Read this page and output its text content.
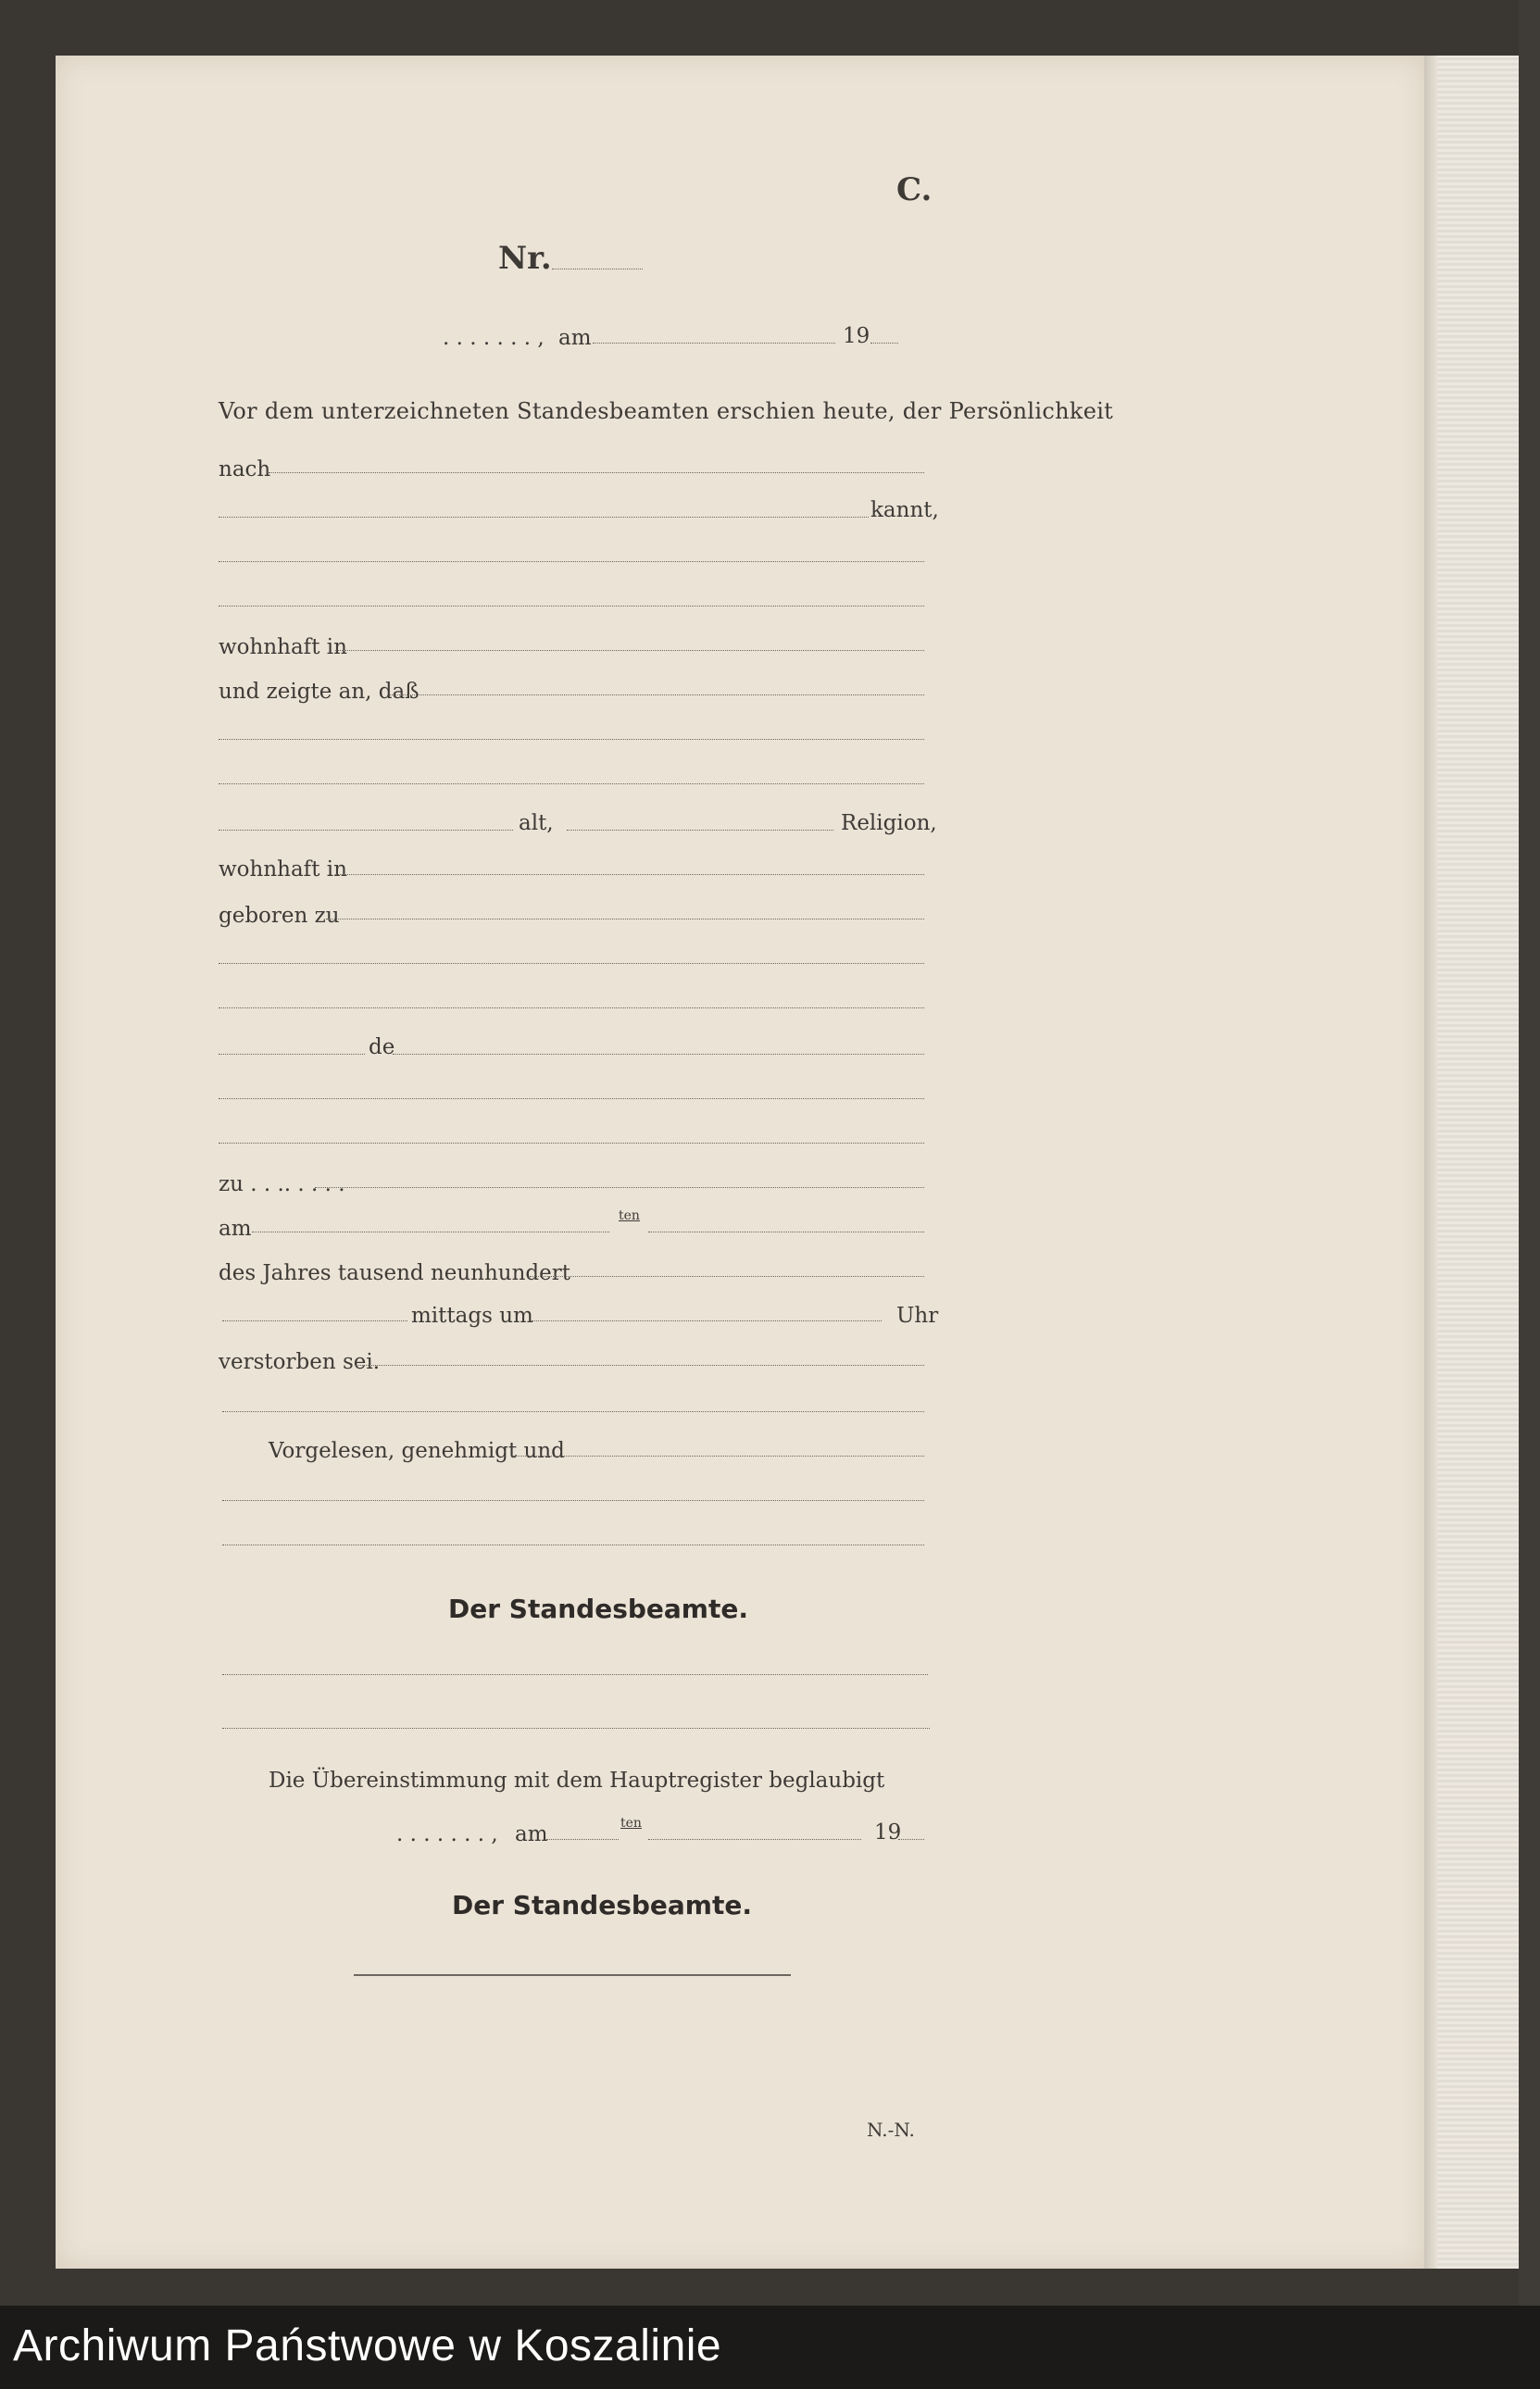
C.
Nr.
. . . . . . . , am	19
Vor dem unterzeichneten Standesbeamten erschien heute, der Persönlichkeit
nach
kannt,
wohnhaft in
und zeigte an, daß
alt,	Religion,
wohnhaft in
geboren zu
de
zu . . .. . . . .
am
ten
des Jahres tausend neunhundert
mittags um	Uhr
verstorben sei.
Vorgelesen, genehmigt und
Der Standesbeamte.
Die Übereinstimmung mit dem Hauptregister beglaubigt
. . . . . . . , am	ten	19
Der Standesbeamte.
N.-N.
Archiwum Państwowe w Koszalinie
